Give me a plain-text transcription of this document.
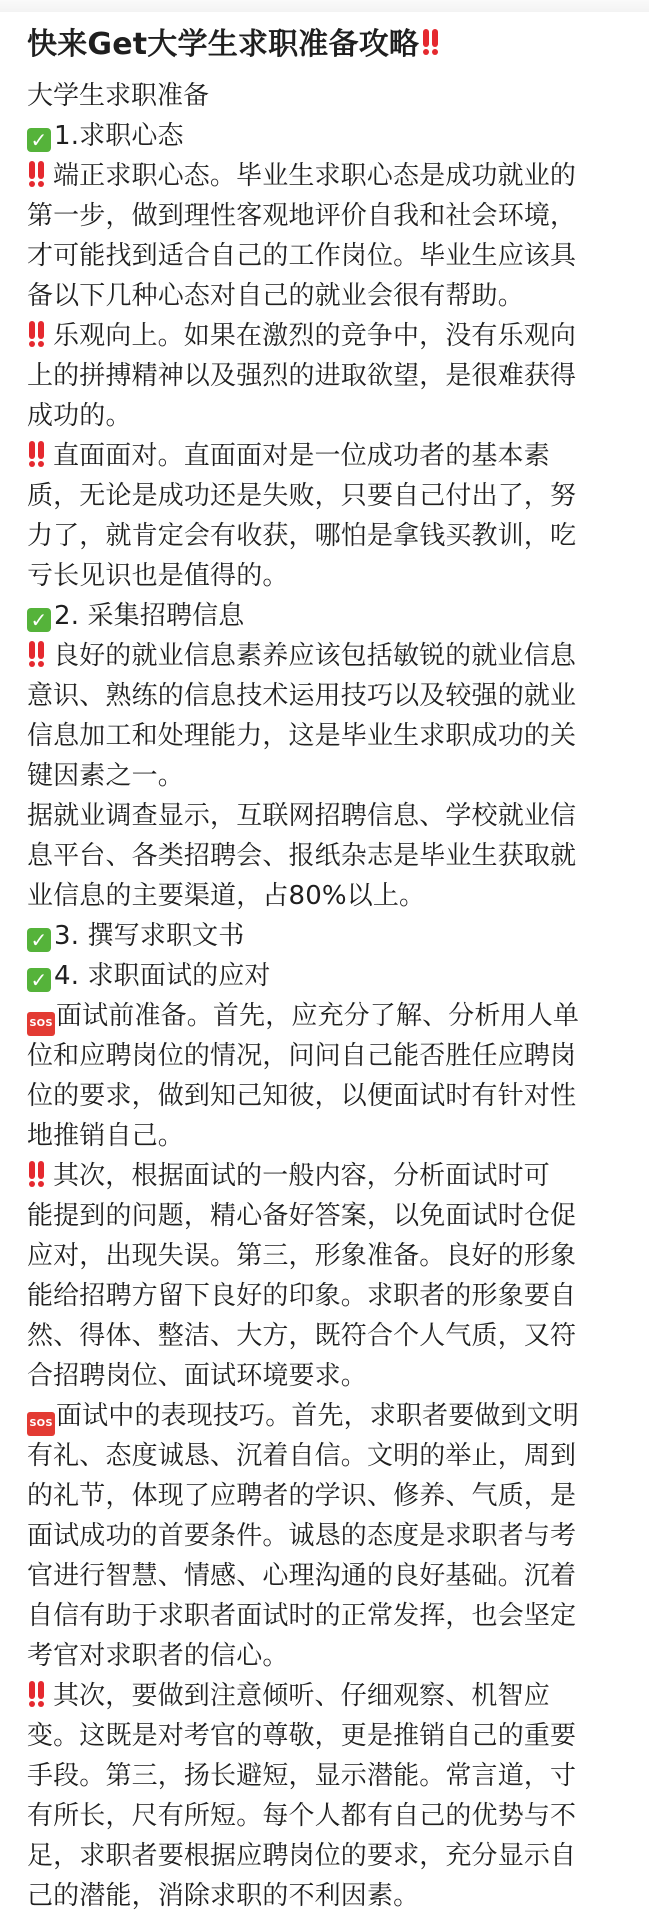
快来Get大学生求职准备攻略

大学生求职准备

✓ 1.求职心态

端正求职心态。毕业生求职心态是成功就业的

第一步，做到理性客观地评价自我和社会环境，

才可能找到适合自己的工作岗位。毕业生应该具

备以下几种心态对自己的就业会很有帮助。

乐观向上。如果在激烈的竞争中，没有乐观向

上的拼搏精神以及强烈的进取欲望，是很难获得

成功的。

直面面对。直面面对是一位成功者的基本素

质，无论是成功还是失败，只要自己付出了，努

力了，就肯定会有收获，哪怕是拿钱买教训，吃

亏长见识也是值得的。

✓ 2. 采集招聘信息

良好的就业信息素养应该包括敏锐的就业信息

意识、熟练的信息技术运用技巧以及较强的就业

信息加工和处理能力，这是毕业生求职成功的关

键因素之一。

据就业调查显示，互联网招聘信息、学校就业信

息平台、各类招聘会、报纸杂志是毕业生获取就

业信息的主要渠道，占80%以上。

✓ 3. 撰写求职文书

✓ 4. 求职面试的应对

SOS 面试前准备。首先，应充分了解、分析用人单

位和应聘岗位的情况，问问自己能否胜任应聘岗

位的要求，做到知己知彼，以便面试时有针对性

地推销自己。

其次，根据面试的一般内容，分析面试时可

能提到的问题，精心备好答案，以免面试时仓促

应对，出现失误。第三，形象准备。良好的形象

能给招聘方留下良好的印象。求职者的形象要自

然、得体、整洁、大方，既符合个人气质，又符

合招聘岗位、面试环境要求。

SOS 面试中的表现技巧。首先，求职者要做到文明

有礼、态度诚恳、沉着自信。文明的举止，周到

的礼节，体现了应聘者的学识、修养、气质，是

面试成功的首要条件。诚恳的态度是求职者与考

官进行智慧、情感、心理沟通的良好基础。沉着

自信有助于求职者面试时的正常发挥，也会坚定

考官对求职者的信心。

其次，要做到注意倾听、仔细观察、机智应

变。这既是对考官的尊敬，更是推销自己的重要

手段。第三，扬长避短，显示潜能。常言道，寸

有所长，尺有所短。每个人都有自己的优势与不

足，求职者要根据应聘岗位的要求，充分显示自

己的潜能，消除求职的不利因素。
